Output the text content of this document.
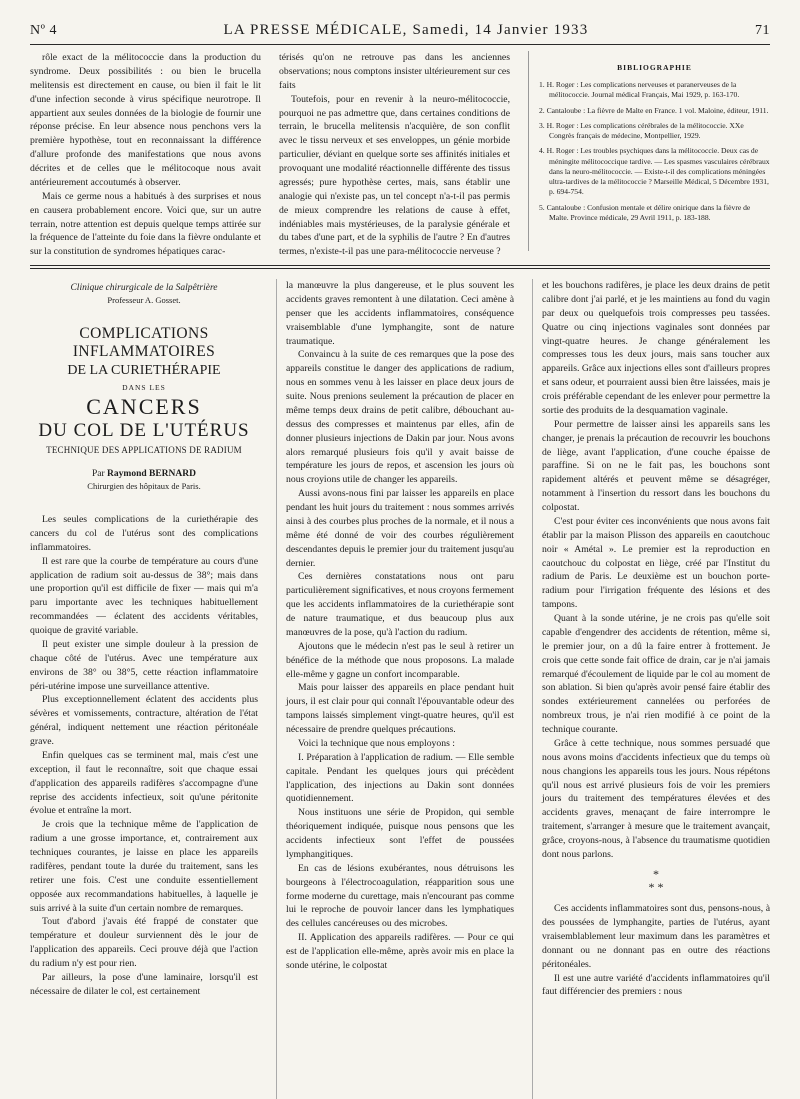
Nº 4	LA PRESSE MÉDICALE, Samedi, 14 Janvier 1933	71

rôle exact de la mélitococcie dans la production du syndrome. Deux possibilités : ou bien le brucella melitensis est directement en cause, ou bien il fait le lit d'une infection seconde à virus spécifique neurotrope. Il appartient aux seules données de la biologie de fournir une réponse précise. En leur absence nous penchons vers la première hypothèse, tout en reconnaissant la différence d'allure profonde des manifestations que nous avons décrites et de celles que le mélitocoque nous avait antérieurement accoutumés à observer.

Mais ce germe nous a habitués à des surprises et nous en causera probablement encore. Voici que, sur un autre terrain, notre attention est depuis quelque temps attirée sur la fréquence de l'atteinte du foie dans la fièvre ondulante et sur la constitution de syndromes hépatiques carac-

térisés qu'on ne retrouve pas dans les anciennes observations; nous comptons insister ultérieurement sur ces faits

Toutefois, pour en revenir à la neuro-mélitococcie, pourquoi ne pas admettre que, dans certaines conditions de terrain, le brucella melitensis n'acquière, de son conflit avec le tissu nerveux et ses enveloppes, un génie morbide particulier, déviant en quelque sorte ses affinités initiales et provoquant une modalité réactionnelle différente des tissus agressés; pure hypothèse certes, mais, sans établir une analogie qui n'existe pas, un tel concept n'a-t-il pas permis de mieux comprendre les relations de cause à effet, indéniables mais mystérieuses, de la paralysie générale et du tabes d'une part, et de la syphilis de l'autre ? En d'autres termes, n'existe-t-il pas une para-mélitococcie nerveuse ?

BIBLIOGRAPHIE
1. H. Roger : Les complications nerveuses et paranerveuses de la mélitococcie. Journal médical Français, Mai 1929, p. 163-170.
2. Cantaloube : La fièvre de Malte en France. 1 vol. Maloine, éditeur, 1911.
3. H. Roger : Les complications cérébrales de la mélitococcie. XXe Congrès français de médecine, Montpellier, 1929.
4. H. Roger : Les troubles psychiques dans la mélitococcie. Deux cas de méningite mélitococcique tardive. — Les spasmes vasculaires cérébraux dans la neuro-mélitococcie. — Existe-t-il des complications méningées ultra-tardives de la mélitococcie ? Marseille Médical, 5 Décembre 1931, p. 694-754.
5. Cantaloube : Confusion mentale et délire onirique dans la fièvre de Malte. Province médicale, 29 Avril 1911, p. 183-188.
Clinique chirurgicale de la Salpêtrière
Professeur A. Gosset.
COMPLICATIONS INFLAMMATOIRES
DE LA CURIETHÉRAPIE
DANS LES
CANCERS
DU COL DE L'UTÉRUS
TECHNIQUE DES APPLICATIONS DE RADIUM
Par Raymond BERNARD
Chirurgien des hôpitaux de Paris.

Les seules complications de la curiethérapie des cancers du col de l'utérus sont des complications inflammatoires.

Il est rare que la courbe de température au cours d'une application de radium soit au-dessus de 38°; mais dans une proportion qu'il est difficile de fixer — mais qui m'a paru importante avec les techniques habituellement recommandées — éclatent des accidents véritables, quoique de gravité variable.

Il peut exister une simple douleur à la pression de chaque côté de l'utérus. Avec une température aux environs de 38° ou 38°5, cette réaction inflammatoire péri-utérine impose une surveillance attentive.

Plus exceptionnellement éclatent des accidents plus sévères et vomissements, contracture, altération de l'état général, indiquent nettement une réaction péritonéale grave.

Enfin quelques cas se terminent mal, mais c'est une exception, il faut le reconnaître, soit que chaque essai d'application des appareils radifères s'accompagne d'une reprise des accidents infectieux, soit qu'une péritonite évolue et entraîne la mort.

Je crois que la technique même de l'application de radium a une grosse importance, et, contrairement aux techniques courantes, je laisse en place les appareils radifères, pendant toute la durée du traitement, sans les retirer une fois. C'est une conduite essentiellement opposée aux recommandations habituelles, à laquelle je suis arrivé à la suite d'un certain nombre de remarques.

Tout d'abord j'avais été frappé de constater que température et douleur surviennent dès le jour de l'application des appareils. Ceci prouve déjà que l'action du radium n'y est pour rien.

Par ailleurs, la pose d'une laminaire, lorsqu'il est nécessaire de dilater le col, est certainement

la manœuvre la plus dangereuse, et le plus souvent les accidents graves remontent à une dilatation. Ceci amène à penser que les accidents inflammatoires, conséquence vraisemblable d'une lymphangite, sont de nature traumatique.

Convaincu à la suite de ces remarques que la pose des appareils constitue le danger des applications de radium, nous en sommes venu à les laisser en place deux jours de suite. Nous prenions seulement la précaution de placer en même temps deux drains de petit calibre, débouchant au-dessus des compresses et maintenus par elles, afin de donner plusieurs injections de Dakin par jour. Nous avons alors remarqué plusieurs fois qu'il y avait baisse de température les jours de repos, et ascension les jours où nous croyions utile de changer les appareils.

Aussi avons-nous fini par laisser les appareils en place pendant les huit jours du traitement : nous sommes arrivés ainsi à des courbes plus proches de la normale, et il nous a même été donné de voir des courbes régulièrement descendantes depuis le premier jour du traitement jusqu'au dernier.

Ces dernières constatations nous ont paru particulièrement significatives, et nous croyons fermement que les accidents inflammatoires de la curiethérapie sont de nature traumatique, et dus beaucoup plus aux manœuvres de la pose, qu'à l'action du radium.

Ajoutons que le médecin n'est pas le seul à retirer un bénéfice de la méthode que nous proposons. La malade elle-même y gagne un confort incomparable.

Mais pour laisser des appareils en place pendant huit jours, il est clair pour qui connaît l'épouvantable odeur des tampons laissés simplement vingt-quatre heures, qu'il est nécessaire de prendre quelques précautions.

Voici la technique que nous employons :

I. Préparation à l'application de radium. — Elle semble capitale. Pendant les quelques jours qui précèdent l'application, des injections au Dakin sont données quotidiennement.

Nous instituons une série de Propidon, qui semble théoriquement indiquée, puisque nous pensons que les accidents infectieux sont l'effet de poussées lymphangitiques.

En cas de lésions exubérantes, nous détruisons les bourgeons à l'électrocoagulation, réapparition sous une forme moderne du curettage, mais n'encourant pas comme lui le reproche de pouvoir lancer dans les lymphatiques des cellules cancéreuses ou des microbes.

II. Application des appareils radifères. — Pour ce qui est de l'application elle-même, après avoir mis en place la sonde utérine, le colpostat

et les bouchons radifères, je place les deux drains de petit calibre dont j'ai parlé, et je les maintiens au fond du vagin par deux ou quelquefois trois compresses peu tassées. Quatre ou cinq injections vaginales sont données par vingt-quatre heures. Je change généralement les compresses tous les deux jours, mais sans toucher aux appareils. Grâce aux injections elles sont d'ailleurs propres et sans odeur, et pourraient aussi bien être laissées, mais je crois préférable cependant de les enlever pour permettre la sortie des produits de la desquamation vaginale.

Pour permettre de laisser ainsi les appareils sans les changer, je prenais la précaution de recouvrir les bouchons de liège, avant l'application, d'une couche épaisse de paraffine. Si on ne le fait pas, les bouchons sont rapidement altérés et peuvent même se désagréger, notamment à l'insertion du ressort dans les bouchons du colpostat.

C'est pour éviter ces inconvénients que nous avons fait établir par la maison Plisson des appareils en caoutchouc noir « Amétal ». Le premier est la reproduction en caoutchouc du colpostat en liège, créé par l'Institut du radium de Paris. Le deuxième est un bouchon porte-radium pour l'irrigation fréquente des lésions et des tampons.

Quant à la sonde utérine, je ne crois pas qu'elle soit capable d'engendrer des accidents de rétention, même si, le premier jour, on a dû la faire entrer à frottement. Je crois que cette sonde fait office de drain, car je n'ai jamais remarqué d'écoulement de liquide par le col au moment de son ablation. Si bien qu'après avoir pensé faire établir des sondes extérieurement cannelées ou perforées de nombreux trous, je n'ai rien modifié à ce point de la technique courante.

Grâce à cette technique, nous sommes persuadé que nous avons moins d'accidents infectieux que du temps où nous changions les appareils tous les jours. Nous répétons qu'il nous est arrivé plusieurs fois de voir les premiers jours du traitement des températures élevées et des accidents graves, menaçant de faire interrompre le traitement, s'arranger à mesure que le traitement avançait, grâce, croyons-nous, à l'absence du traumatisme quotidien dont nous parlons.

*
* *

Ces accidents inflammatoires sont dus, pensons-nous, à des poussées de lymphangite, parties de l'utérus, ayant vraisemblablement leur maximum dans les paramètres et donnant ou ne donnant pas en outre des réactions péritonéales.

Il est une autre variété d'accidents inflammatoires qu'il faut différencier des premiers : nous
